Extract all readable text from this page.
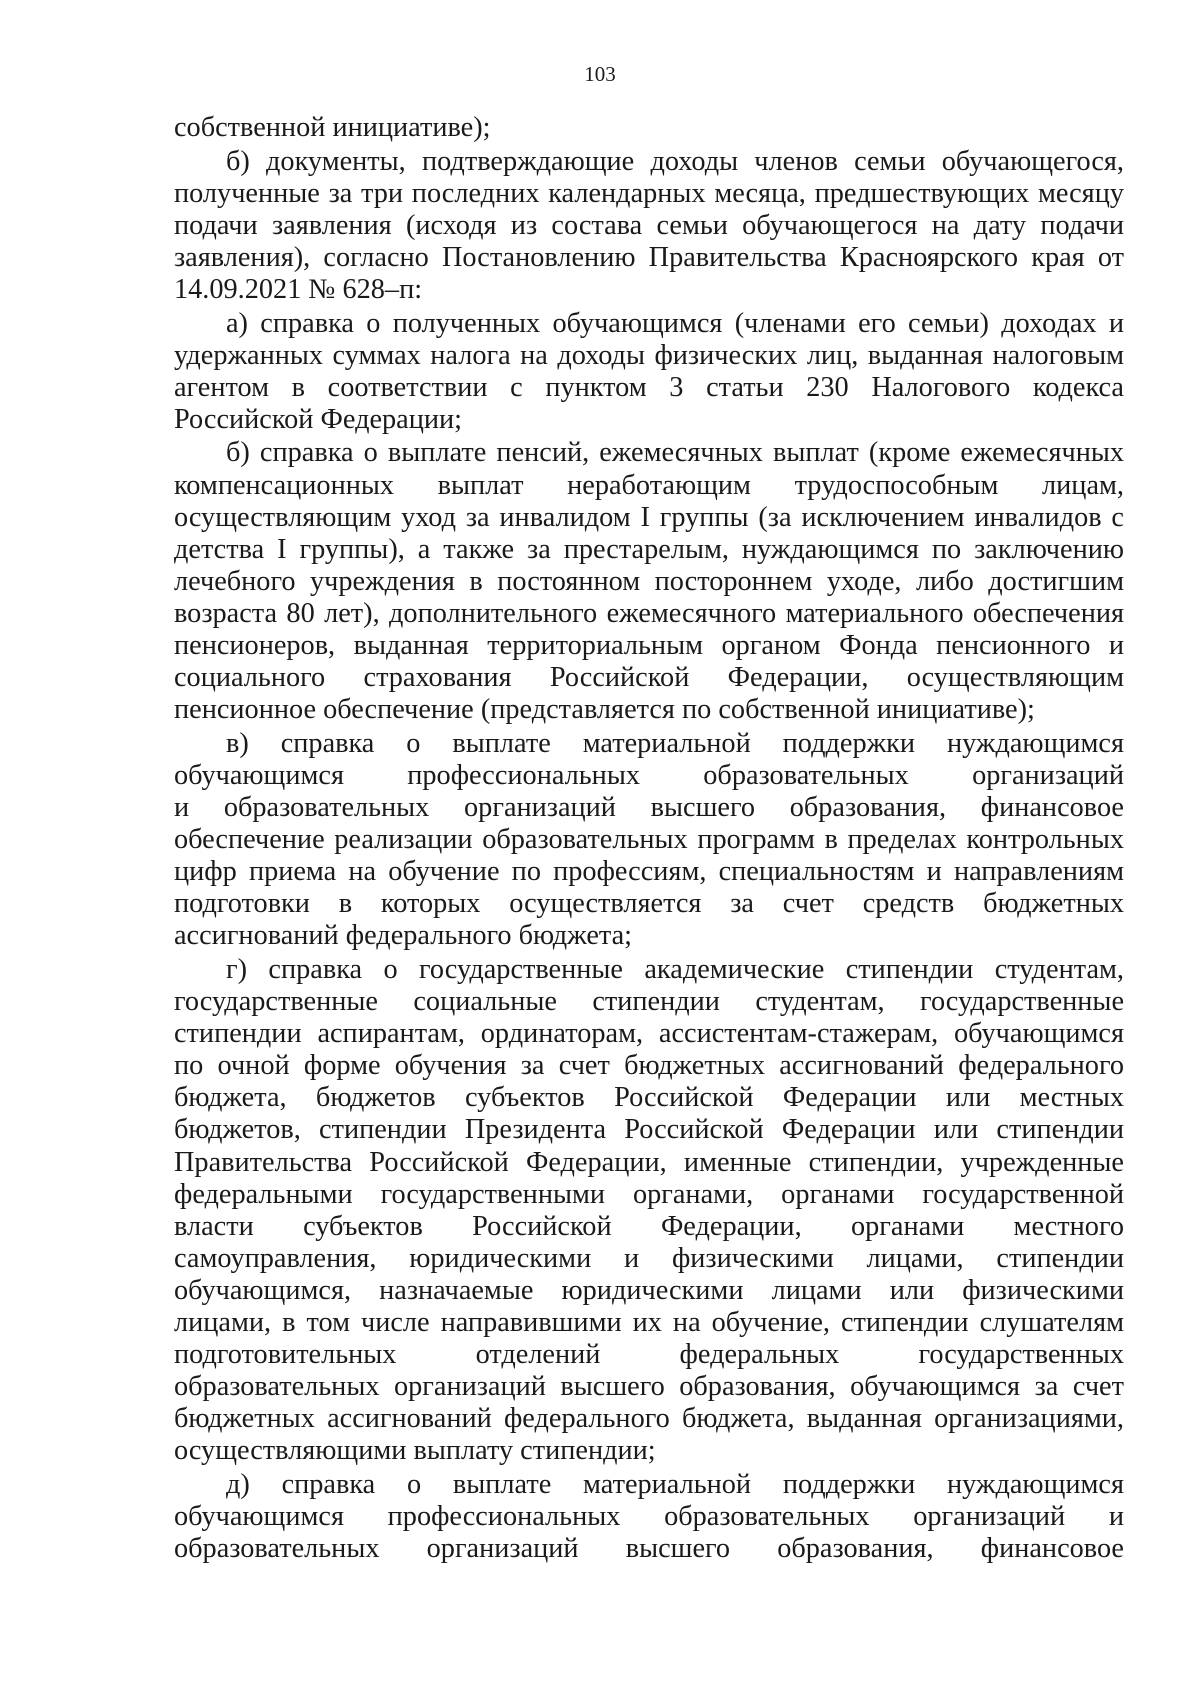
103
собственной инициативе);
б) документы, подтверждающие доходы членов семьи обучающегося,
полученные за три последних календарных месяца, предшествующих месяцу
подачи заявления (исходя из состава семьи обучающегося на дату подачи
заявления), согласно Постановлению Правительства Красноярского края от
14.09.2021 № 628–п:
а) справка о полученных обучающимся (членами его семьи) доходах и
удержанных суммах налога на доходы физических лиц, выданная налоговым
агентом в соответствии с пунктом 3 статьи 230 Налогового кодекса
Российской Федерации;
б) справка о выплате пенсий, ежемесячных выплат (кроме ежемесячных
компенсационных выплат неработающим трудоспособным лицам,
осуществляющим уход за инвалидом I группы (за исключением инвалидов с
детства I группы), а также за престарелым, нуждающимся по заключению
лечебного учреждения в постоянном постороннем уходе, либо достигшим
возраста 80 лет), дополнительного ежемесячного материального обеспечения
пенсионеров, выданная территориальным органом Фонда пенсионного и
социального страхования Российской Федерации, осуществляющим
пенсионное обеспечение (представляется по собственной инициативе);
в) справка о выплате материальной поддержки нуждающимся
обучающимся профессиональных образовательных организаций
и образовательных организаций высшего образования, финансовое
обеспечение реализации образовательных программ в пределах контрольных
цифр приема на обучение по профессиям, специальностям и направлениям
подготовки в которых осуществляется за счет средств бюджетных
ассигнований федерального бюджета;
г) справка о государственные академические стипендии студентам,
государственные социальные стипендии студентам, государственные
стипендии аспирантам, ординаторам, ассистентам-стажерам, обучающимся
по очной форме обучения за счет бюджетных ассигнований федерального
бюджета, бюджетов субъектов Российской Федерации или местных
бюджетов, стипендии Президента Российской Федерации или стипендии
Правительства Российской Федерации, именные стипендии, учрежденные
федеральными государственными органами, органами государственной
власти субъектов Российской Федерации, органами местного
самоуправления, юридическими и физическими лицами, стипендии
обучающимся, назначаемые юридическими лицами или физическими
лицами, в том числе направившими их на обучение, стипендии слушателям
подготовительных отделений федеральных государственных
образовательных организаций высшего образования, обучающимся за счет
бюджетных ассигнований федерального бюджета, выданная организациями,
осуществляющими выплату стипендии;
д) справка о выплате материальной поддержки нуждающимся
обучающимся профессиональных образовательных организаций и
образовательных организаций высшего образования, финансовое
